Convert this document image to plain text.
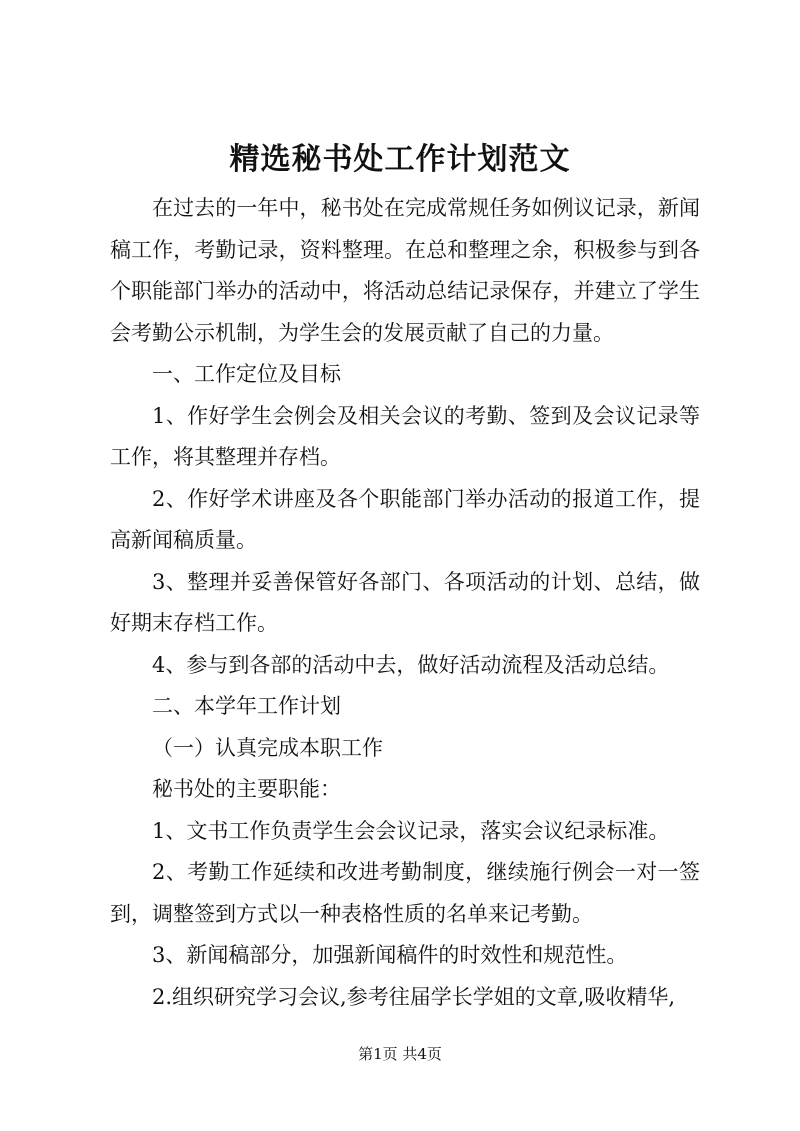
精选秘书处工作计划范文

在过去的一年中，秘书处在完成常规任务如例议记录，新闻稿工作，考勤记录，资料整理。在总和整理之余，积极参与到各个职能部门举办的活动中，将活动总结记录保存，并建立了学生会考勤公示机制，为学生会的发展贡献了自己的力量。

一、工作定位及目标

1、作好学生会例会及相关会议的考勤、签到及会议记录等工作，将其整理并存档。

2、作好学术讲座及各个职能部门举办活动的报道工作，提高新闻稿质量。

3、整理并妥善保管好各部门、各项活动的计划、总结，做好期末存档工作。

4、参与到各部的活动中去，做好活动流程及活动总结。

二、本学年工作计划

（一）认真完成本职工作

秘书处的主要职能：

1、文书工作负责学生会会议记录，落实会议纪录标准。

2、考勤工作延续和改进考勤制度，继续施行例会一对一签到，调整签到方式以一种表格性质的名单来记考勤。

3、新闻稿部分，加强新闻稿件的时效性和规范性。

2.组织研究学习会议,参考往届学长学姐的文章,吸收精华,

第1页 共4页
